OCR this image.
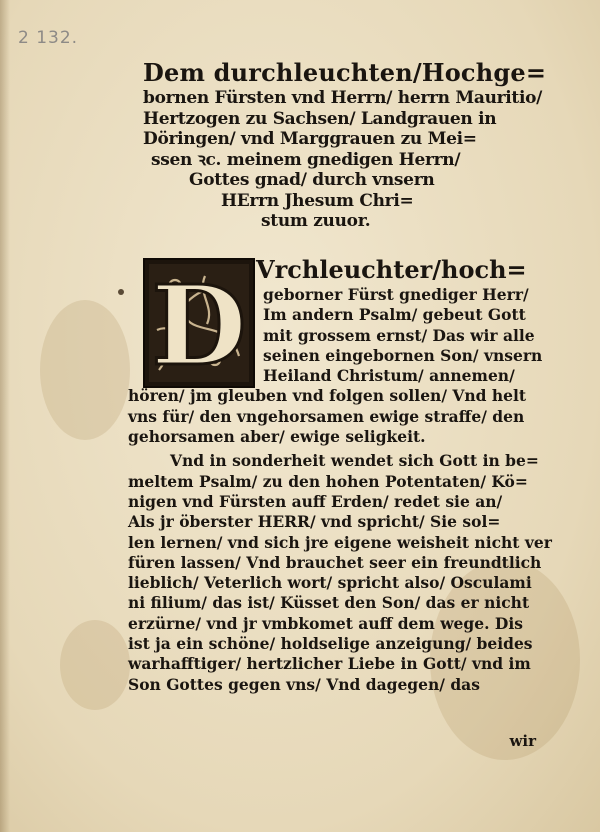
2 132.
Dem durchleuchten/Hochge=
bornen Fürsten vnd Herrn/ herrn Mauritio/
Hertzogen zu Sachsen/ Landgrauen in
Döringen/ vnd Marggrauen zu Mei=
ssen ꝛc. meinem gnedigen Herrn/
Gottes gnad/ durch vnsern
HErrn Jhesum Chri=
stum zuuor.
D Vrchleuchter/hoch=
geborner Fürst gnediger Herr/
Im andern Psalm/ gebeut Gott
mit grossem ernst/ Das wir alle
seinen eingebornen Son/ vnsern
Heiland Christum/ annemen/
hören/ jm gleuben vnd folgen sollen/ Vnd helt
vns für/ den vngehorsamen ewige straffe/ den
gehorsamen aber/ ewige seligkeit.
Vnd in sonderheit wendet sich Gott in be=
meltem Psalm/ zu den hohen Potentaten/ Kö=
nigen vnd Fürsten auff Erden/ redet sie an/
Als jr öberster HERR/ vnd spricht/ Sie sol=
len lernen/ vnd sich jre eigene weisheit nicht ver
füren lassen/ Vnd brauchet seer ein freundtlich
lieblich/ Veterlich wort/ spricht also/ Osculami
ni filium/ das ist/ Küsset den Son/ das er nicht
erzürne/ vnd jr vmbkomet auff dem wege. Dis
ist ja ein schöne/ holdselige anzeigung/ beides
warhafftiger/ hertzlicher Liebe in Gott/ vnd im
Son Gottes gegen vns/ Vnd dagegen/ das
wir
